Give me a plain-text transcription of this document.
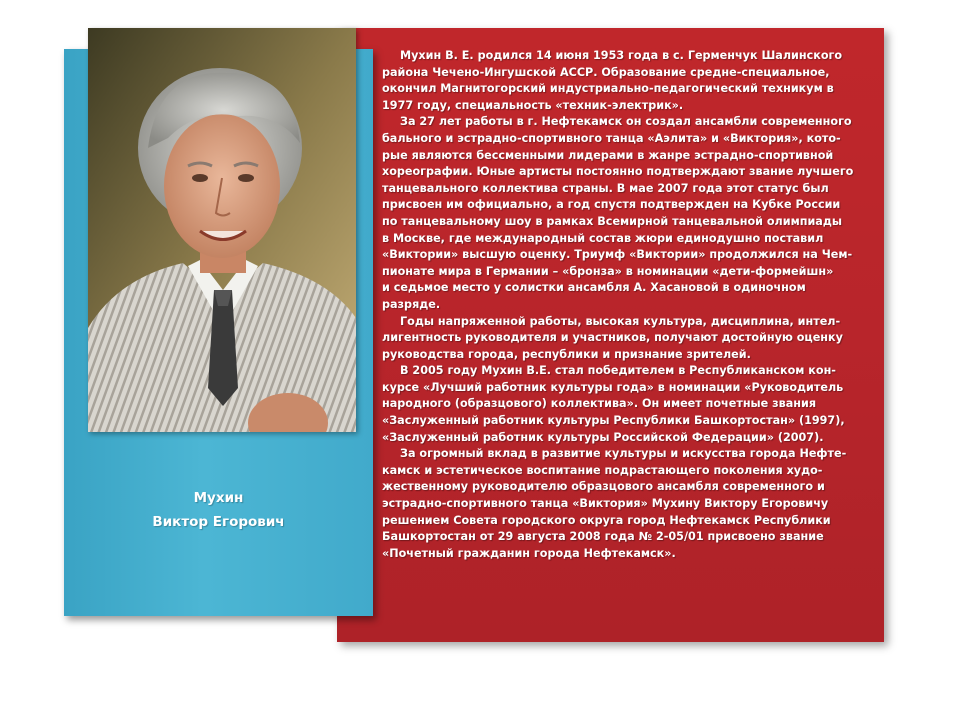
Мухин
Виктор Егорович
Мухин В. Е. родился 14 июня 1953 года в с. Герменчук Шалинского
района Чечено-Ингушской АССР. Образование средне-специальное,
окончил Магнитогорский индустриально-педагогический техникум в
1977 году, специальность «техник-электрик».
За 27 лет работы в г. Нефтекамск он создал ансамбли современного
бального и эстрадно-спортивного танца «Аэлита» и «Виктория», кото-
рые являются бессменными лидерами в жанре эстрадно-спортивной
хореографии. Юные артисты постоянно подтверждают звание лучшего
танцевального коллектива страны. В мае 2007 года этот статус был
присвоен им официально, а год спустя подтвержден на Кубке России
по танцевальному шоу в рамках Всемирной танцевальной олимпиады
в Москве, где международный состав жюри единодушно поставил
«Виктории» высшую оценку. Триумф «Виктории» продолжился на Чем-
пионате мира в Германии – «бронза» в номинации «дети-формейшн»
и седьмое место у солистки ансамбля А. Хасановой в одиночном
разряде.
Годы напряженной работы, высокая культура, дисциплина, интел-
лигентность руководителя и участников, получают достойную оценку
руководства города, республики и признание зрителей.
В 2005 году Мухин В.Е. стал победителем в Республиканском кон-
курсе «Лучший работник культуры года» в номинации «Руководитель
народного (образцового) коллектива». Он имеет почетные звания
«Заслуженный работник культуры Республики Башкортостан» (1997),
«Заслуженный работник культуры Российской Федерации» (2007).
За огромный вклад в развитие культуры и искусства города Нефте-
камск и эстетическое воспитание подрастающего поколения худо-
жественному руководителю образцового ансамбля современного и
эстрадно-спортивного танца «Виктория» Мухину Виктору Егоровичу
решением Совета городского округа город Нефтекамск Республики
Башкортостан от 29 августа 2008 года № 2-05/01 присвоено звание
«Почетный гражданин города Нефтекамск».
